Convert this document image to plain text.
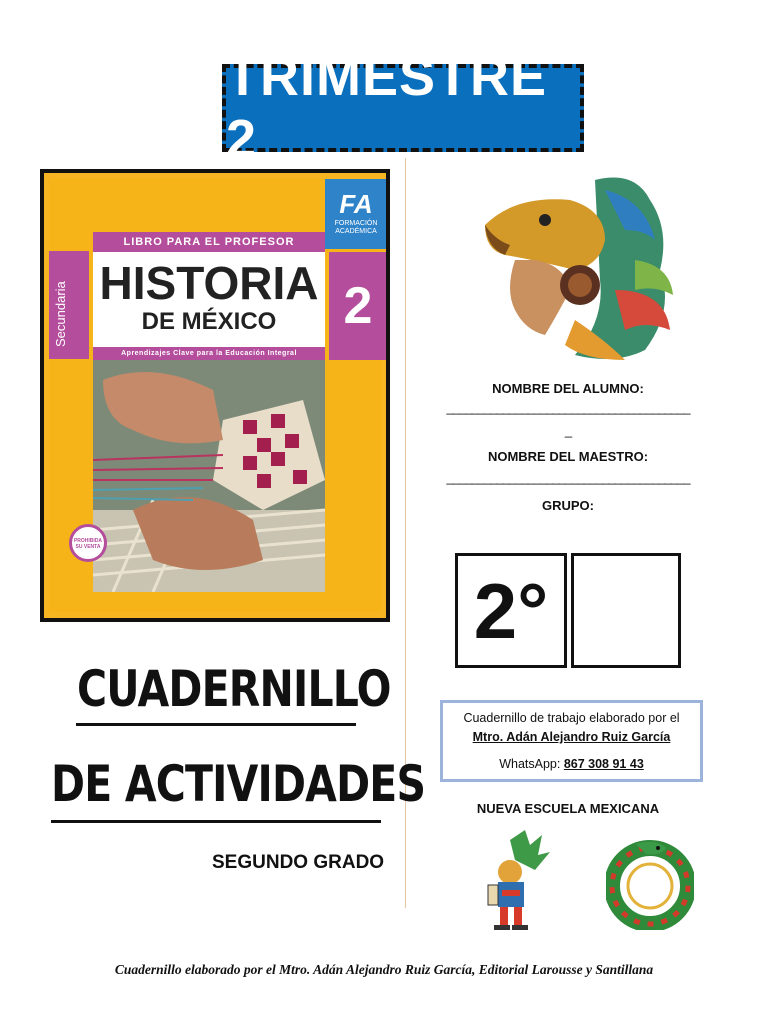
TRIMESTRE 2
Secundaria
FA
FORMACIÓN ACADÉMICA
LIBRO PARA EL PROFESOR
HISTORIA
DE MÉXICO	2
Aprendizajes Clave para la Educación Integral
PROHIBIDA SU VENTA
CUADERNILLO
DE ACTIVIDADES
SEGUNDO GRADO
NOMBRE DEL ALUMNO:
_______________________________________
_
NOMBRE DEL MAESTRO:
_______________________________________
GRUPO:
2°
Cuadernillo de trabajo elaborado por el
Mtro. Adán Alejandro Ruiz García
WhatsApp: 867 308 91 43
NUEVA ESCUELA MEXICANA
Cuadernillo elaborado por el Mtro. Adán Alejandro Ruiz García, Editorial Larousse y Santillana
